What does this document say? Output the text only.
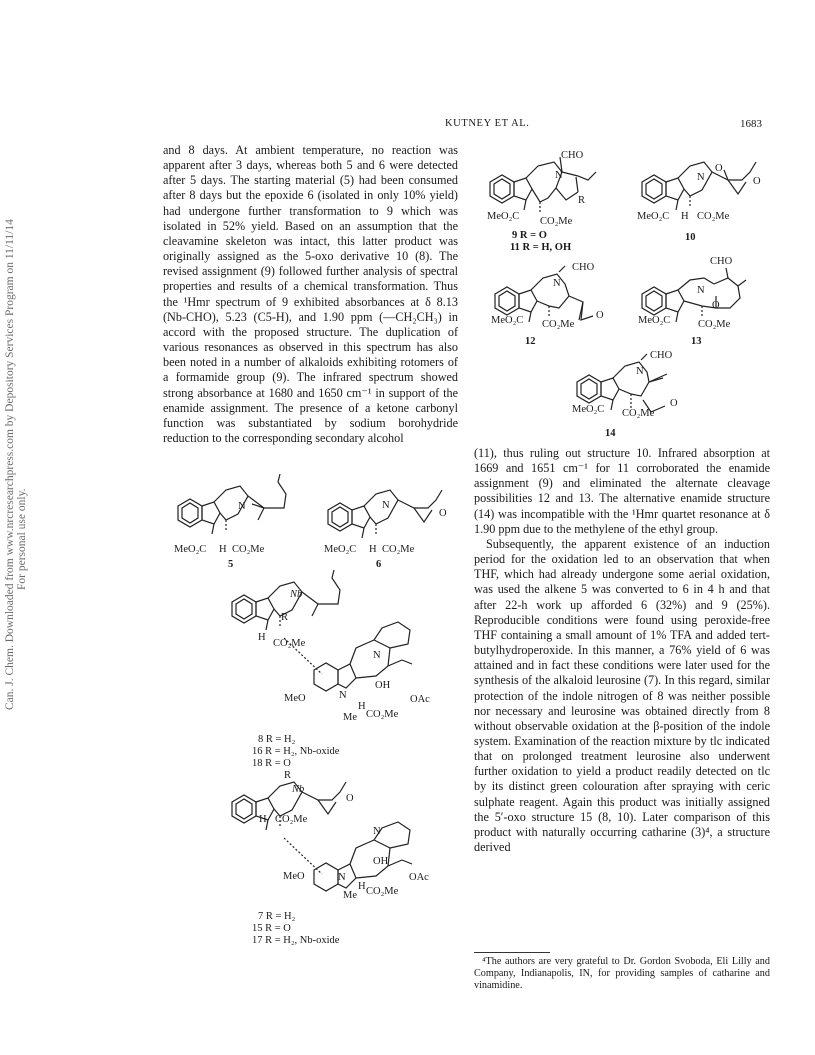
Can. J. Chem. Downloaded from www.nrcresearchpress.com by Depository Services Program on 11/11/14 For personal use only.
KUTNEY ET AL.	1683

and 8 days. At ambient temperature, no reaction was apparent after 3 days, whereas both 5 and 6 were detected after 5 days. The starting material (5) had been consumed after 8 days but the epoxide 6 (isolated in only 10% yield) had undergone further transformation to 9 which was isolated in 52% yield. Based on an assumption that the cleavamine skeleton was intact, this latter product was originally assigned as the 5-oxo derivative 10 (8). The revised assignment (9) followed further analysis of spectral properties and results of a chemical transformation. Thus the ¹Hmr spectrum of 9 exhibited absorbances at δ 8.13 (Nb-CHO), 5.23 (C5-H), and 1.90 ppm (—CH₂CH₃) in accord with the proposed structure. The duplication of various resonances as observed in this spectrum has also been noted in a number of alkaloids exhibiting rotomers of a formamide group (9). The infrared spectrum showed strong absorbance at 1680 and 1650 cm⁻¹ in support of the enamide assignment. The presence of a ketone carbonyl function was substantiated by sodium borohydride reduction to the corresponding secondary alcohol

(11), thus ruling out structure 10. Infrared absorption at 1669 and 1651 cm⁻¹ for 11 corroborated the enamide assignment (9) and eliminated the alternate cleavage possibilities 12 and 13. The alternative enamide structure (14) was incompatible with the ¹Hmr quartet resonance at δ 1.90 ppm due to the methylene of the ethyl group.

Subsequently, the apparent existence of an induction period for the oxidation led to an observation that when THF, which had already undergone some aerial oxidation, was used the alkene 5 was converted to 6 in 4 h and that after 22-h work up afforded 6 (32%) and 9 (25%). Reproducible conditions were found using peroxide-free THF containing a small amount of 1% TFA and added tert-butylhydroperoxide. In this manner, a 76% yield of 6 was attained and in fact these conditions were later used for the synthesis of the alkaloid leurosine (7). In this regard, similar protection of the indole nitrogen of 8 was neither possible nor necessary and leurosine was obtained directly from 8 without observable oxidation at the β-position of the indole system. Examination of the reaction mixture by tlc indicated that on prolonged treatment leurosine also underwent further oxidation to yield a product readily detected on tlc by its distinct green colouration after spraying with ceric sulphate reagent. Again this product was initially assigned the 5′-oxo structure 15 (8, 10). Later comparison of this product with naturally occurring catharine (3)⁴, a structure derived

⁴The authors are very grateful to Dr. Gordon Svoboda, Eli Lilly and Company, Indianapolis, IN, for providing samples of catharine and vinamidine.
CHO
N
R
MeO₂C CO₂Me
9 R = O
11 R = H, OH
O
N	O
MeO₂C H CO₂Me
10
CHO
N
O
MeO₂C CO₂Me
12
CHO
N
O
MeO₂C	CO₂Me
13
CHO
N
O
MeO₂C CO₂Me
14
N
MeO₂C H CO₂Me
5
N
O
MeO₂C H CO₂Me
6
Nb
R
H
CO₂Me
N
OH
MeO	N	OAc
H
Me CO₂Me
8 R = H₂
16 R = H₂, Nb-oxide
18 R = O
R
Nb
O
H CO₂Me
N
OH
MeO	N	OAc
H
Me CO₂Me
7 R = H₂
15 R = O
17 R = H₂, Nb-oxide
